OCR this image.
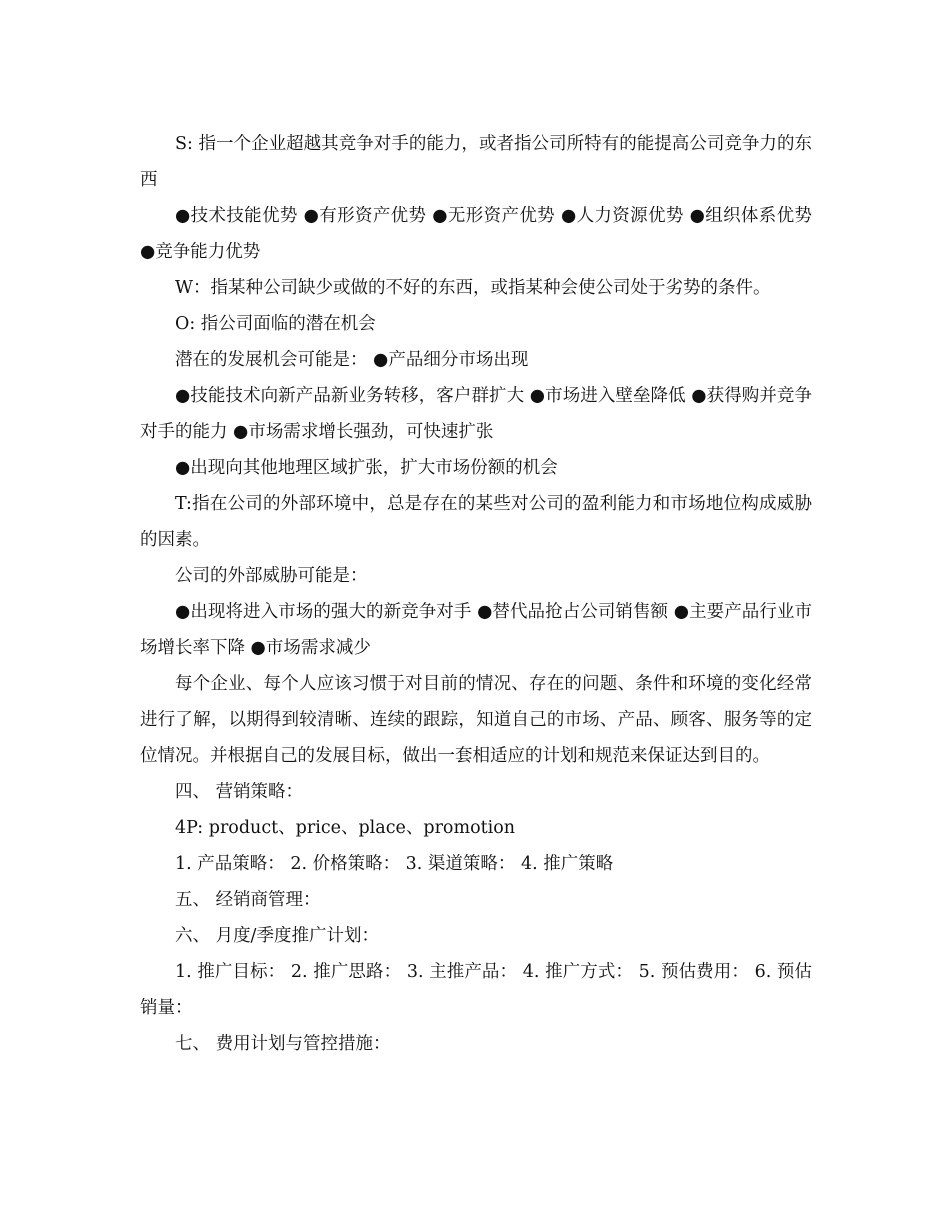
S: 指一个企业超越其竞争对手的能力，或者指公司所特有的能提高公司竞争力的东西

●技术技能优势 ●有形资产优势 ●无形资产优势 ●人力资源优势 ●组织体系优势 ●竞争能力优势

W：指某种公司缺少或做的不好的东西，或指某种会使公司处于劣势的条件。

O: 指公司面临的潜在机会

潜在的发展机会可能是： ●产品细分市场出现

●技能技术向新产品新业务转移，客户群扩大 ●市场进入壁垒降低 ●获得购并竞争对手的能力 ●市场需求增长强劲，可快速扩张

●出现向其他地理区域扩张，扩大市场份额的机会

T:指在公司的外部环境中，总是存在的某些对公司的盈利能力和市场地位构成威胁的因素。

公司的外部威胁可能是：

●出现将进入市场的强大的新竞争对手 ●替代品抢占公司销售额 ●主要产品行业市场增长率下降 ●市场需求减少

每个企业、每个人应该习惯于对目前的情况、存在的问题、条件和环境的变化经常进行了解，以期得到较清晰、连续的跟踪，知道自己的市场、产品、顾客、服务等的定位情况。并根据自己的发展目标，做出一套相适应的计划和规范来保证达到目的。

四、 营销策略：

4P: product、price、place、promotion

1. 产品策略： 2. 价格策略： 3. 渠道策略： 4. 推广策略

五、 经销商管理：

六、 月度/季度推广计划：

1. 推广目标： 2. 推广思路： 3. 主推产品： 4. 推广方式： 5. 预估费用： 6. 预估销量：

七、 费用计划与管控措施：
